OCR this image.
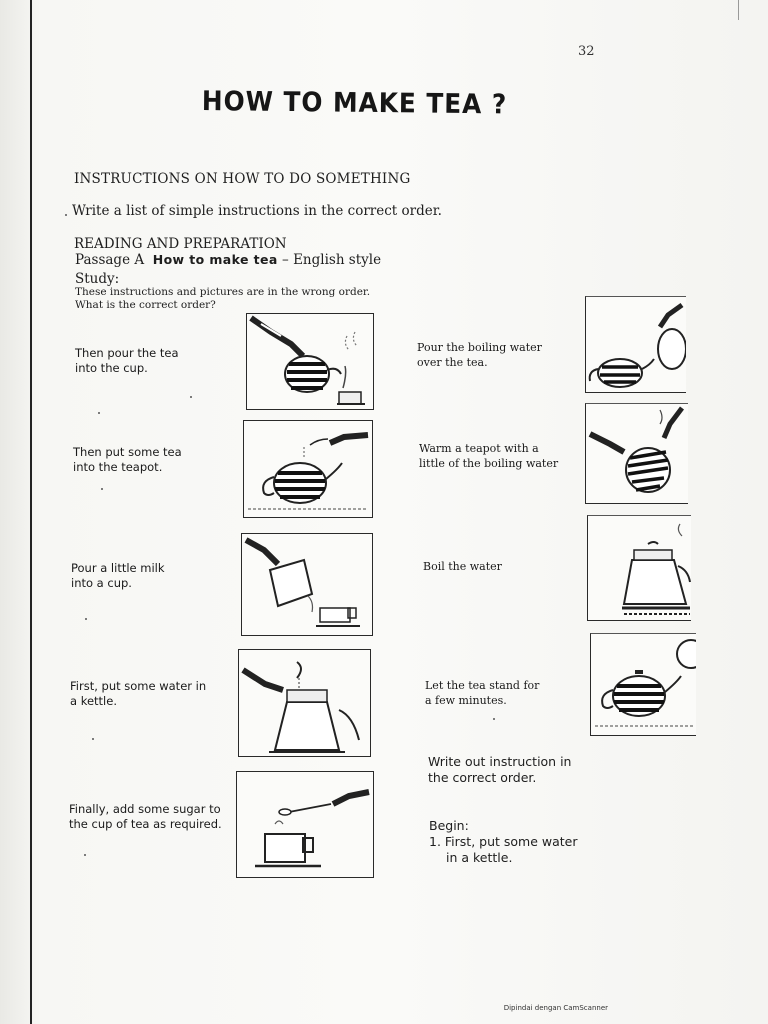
32
HOW TO MAKE TEA ?
INSTRUCTIONS ON HOW TO DO SOMETHING
Write a list of simple instructions in the correct order.
READING AND PREPARATION
Passage A How to make tea – English style
Study:
These instructions and pictures are in the wrong order.
What is the correct order?
Then pour the tea
into the cup.
Then put some tea
into the teapot.
Pour a little milk
into a cup.
First, put some water in
a kettle.
Finally, add some sugar to
the cup of tea as required.
Pour the boiling water
over the tea.
Warm a teapot with a
little of the boiling water
Boil the water
Let the tea stand for
a few minutes.
Write out instruction in
the correct order.
Begin:
1. First, put some water
in a kettle.
Dipindai dengan CamScanner
